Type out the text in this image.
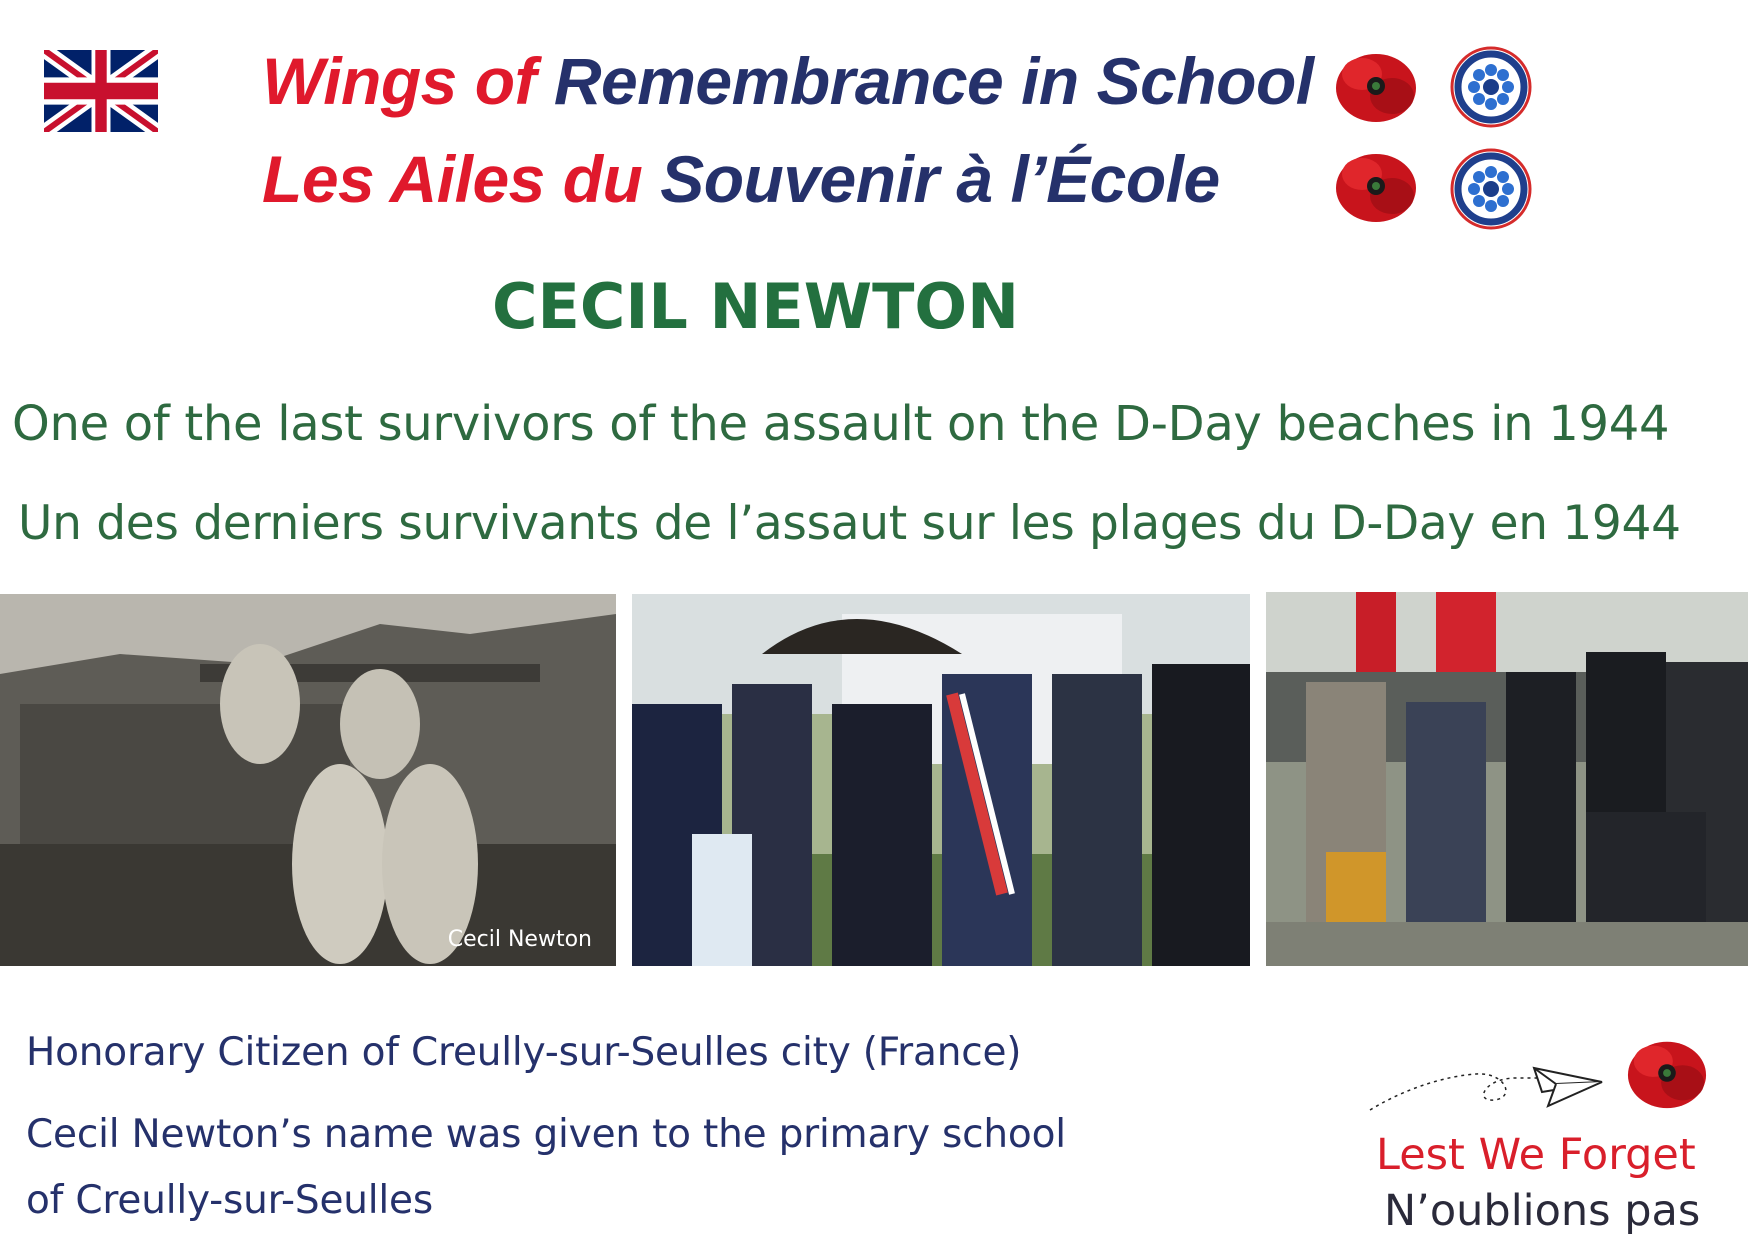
Wings of Remembrance in School
Les Ailes du Souvenir à l’École
CECIL NEWTON
One of the last survivors of the assault on the D-Day beaches in 1944
Un des derniers survivants de l’assaut sur les plages du D-Day en 1944
Cecil Newton
Honorary Citizen of Creully-sur-Seulles city (France)
Cecil Newton’s name was given to the primary school
of Creully-sur-Seulles
Lest We Forget
N’oublions pas
